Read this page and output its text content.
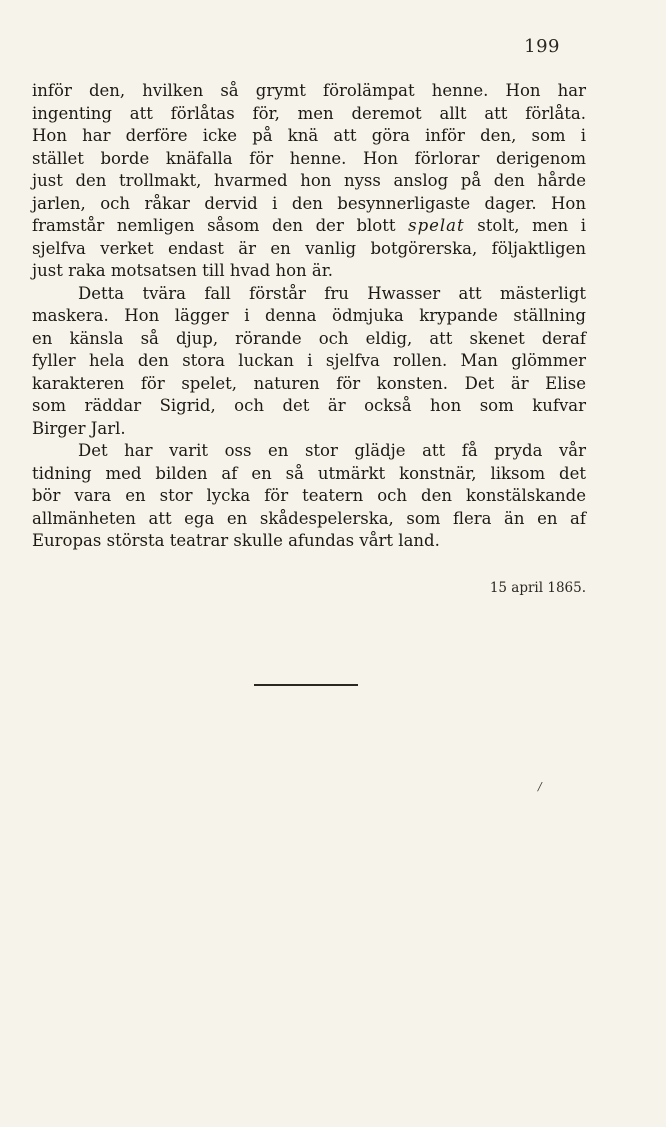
199
inför den, hvilken så grymt förolämpat henne. Hon har
ingenting att förlåtas för, men deremot allt att förlåta.
Hon har derföre icke på knä att göra inför den, som i
stället borde knäfalla för henne. Hon förlorar derigenom
just den trollmakt, hvarmed hon nyss anslog på den hårde
jarlen, och råkar dervid i den besynnerligaste dager. Hon
framstår nemligen såsom den der blott spelat stolt, men i
sjelfva verket endast är en vanlig botgörerska, följaktligen
just raka motsatsen till hvad hon är.
Detta tvära fall förstår fru Hwasser att mästerligt
maskera. Hon lägger i denna ödmjuka krypande ställning
en känsla så djup, rörande och eldig, att skenet deraf
fyller hela den stora luckan i sjelfva rollen. Man glömmer
karakteren för spelet, naturen för konsten. Det är Elise
som räddar Sigrid, och det är också hon som kufvar
Birger Jarl.
Det har varit oss en stor glädje att få pryda vår
tidning med bilden af en så utmärkt konstnär, liksom det
bör vara en stor lycka för teatern och den konstälskande
allmänheten att ega en skådespelerska, som flera än en af
Europas största teatrar skulle afundas vårt land.
15 april 1865.
/
